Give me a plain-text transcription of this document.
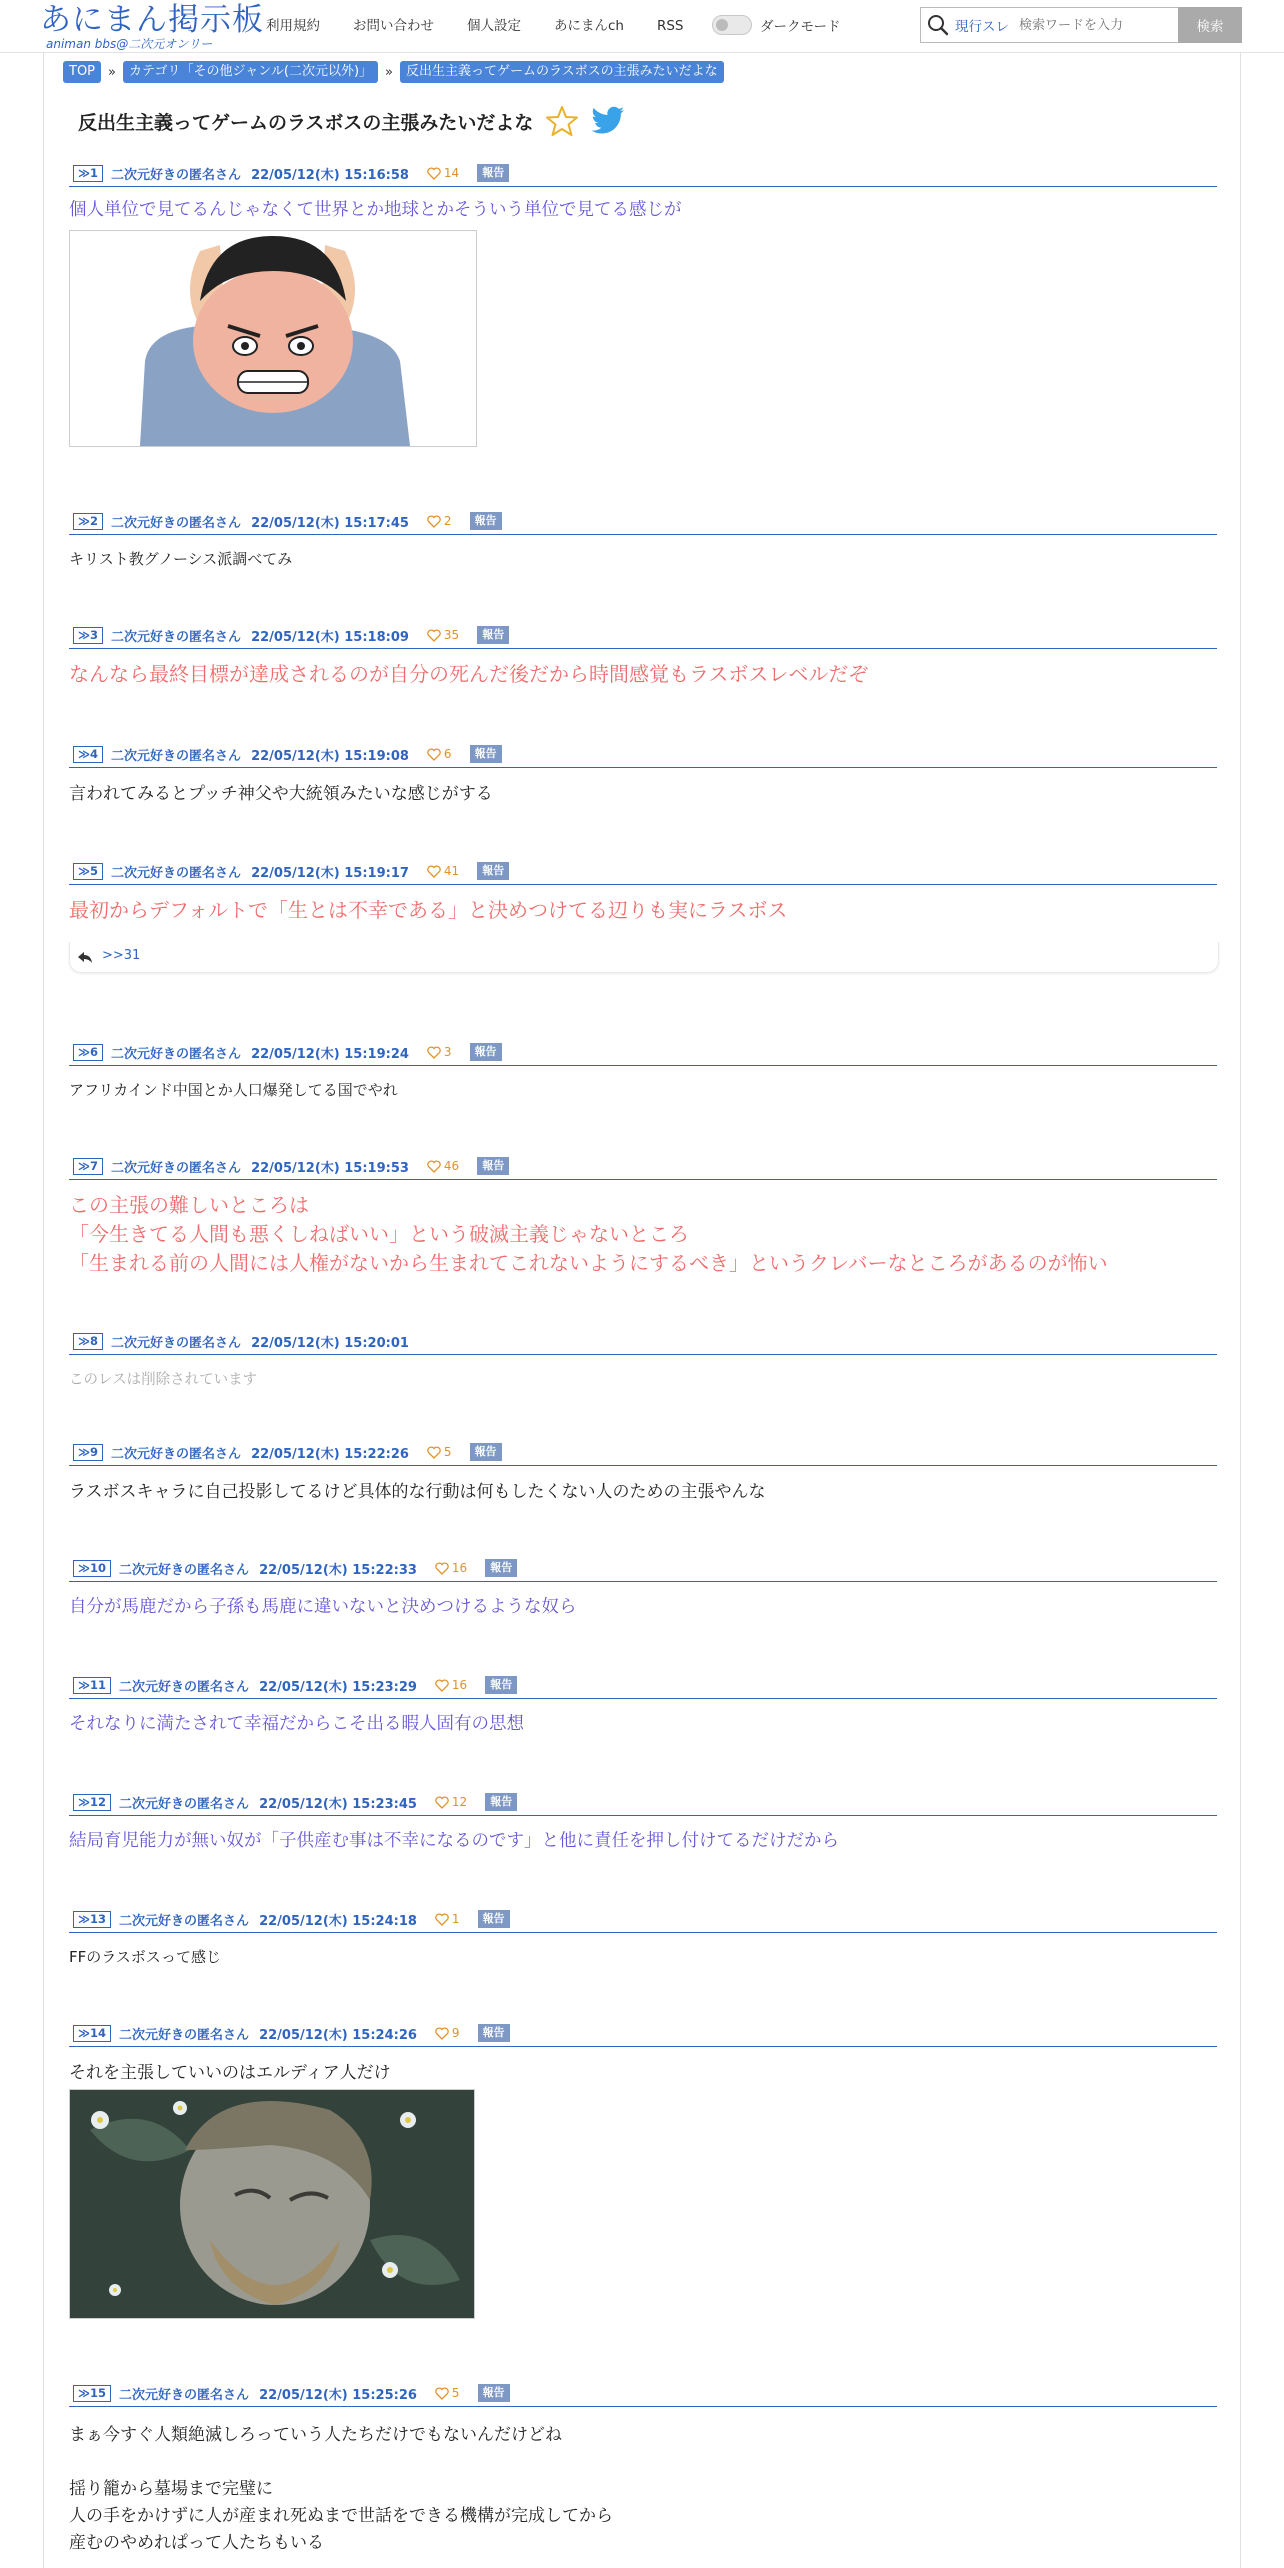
あにまん掲示板
animan bbs@二次元オンリー
利用規約 お問い合わせ 個人設定 あにまんch RSS	ダークモード	現行スレ
検索ワードを入力	検索
TOP	»	カテゴリ「その他ジャンル(二次元以外)」	»	反出生主義ってゲームのラスボスの主張みたいだよな
反出生主義ってゲームのラスボスの主張みたいだよな
≫1	二次元好きの匿名さん 22/05/12(木) 15:16:58	14	報告
個人単位で見てるんじゃなくて世界とか地球とかそういう単位で見てる感じが
≫2	二次元好きの匿名さん 22/05/12(木) 15:17:45	2	報告
キリスト教グノーシス派調べてみ
≫3	二次元好きの匿名さん 22/05/12(木) 15:18:09	35	報告
なんなら最終目標が達成されるのが自分の死んだ後だから時間感覚もラスボスレベルだぞ
≫4	二次元好きの匿名さん 22/05/12(木) 15:19:08	6	報告
言われてみるとプッチ神父や大統領みたいな感じがする
≫5	二次元好きの匿名さん 22/05/12(木) 15:19:17	41	報告
最初からデフォルトで「生とは不幸である」と決めつけてる辺りも実にラスボス
>>31
≫6	二次元好きの匿名さん 22/05/12(木) 15:19:24	3	報告
アフリカインド中国とか人口爆発してる国でやれ
≫7	二次元好きの匿名さん 22/05/12(木) 15:19:53	46	報告
この主張の難しいところは
「今生きてる人間も悪くしねばいい」という破滅主義じゃないところ
「生まれる前の人間には人権がないから生まれてこれないようにするべき」というクレバーなところがあるのが怖い
≫8	二次元好きの匿名さん 22/05/12(木) 15:20:01
このレスは削除されています
≫9	二次元好きの匿名さん 22/05/12(木) 15:22:26	5	報告
ラスボスキャラに自己投影してるけど具体的な行動は何もしたくない人のための主張やんな
≫10	二次元好きの匿名さん 22/05/12(木) 15:22:33	16	報告
自分が馬鹿だから子孫も馬鹿に違いないと決めつけるような奴ら
≫11	二次元好きの匿名さん 22/05/12(木) 15:23:29	16	報告
それなりに満たされて幸福だからこそ出る暇人固有の思想
≫12	二次元好きの匿名さん 22/05/12(木) 15:23:45	12	報告
結局育児能力が無い奴が「子供産む事は不幸になるのです」と他に責任を押し付けてるだけだから
≫13	二次元好きの匿名さん 22/05/12(木) 15:24:18	1	報告
FFのラスボスって感じ
≫14	二次元好きの匿名さん 22/05/12(木) 15:24:26	9	報告
それを主張していいのはエルディア人だけ
≫15	二次元好きの匿名さん 22/05/12(木) 15:25:26	5	報告
まぁ今すぐ人類絶滅しろっていう人たちだけでもないんだけどね
揺り籠から墓場まで完璧に
人の手をかけずに人が産まれ死ぬまで世話をできる機構が完成してから
産むのやめれぱって人たちもいる
